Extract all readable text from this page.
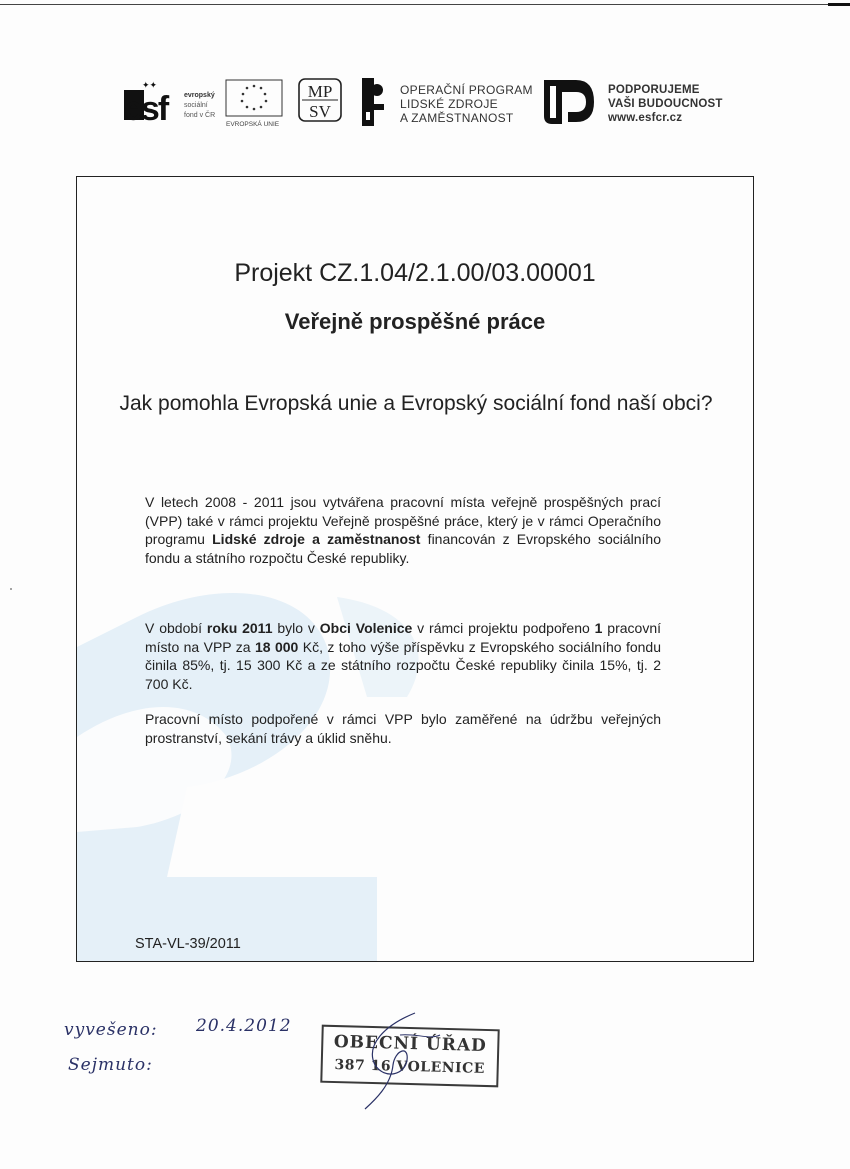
✦✦
esf	evropský
sociální
fond v ČR
EVROPSKÁ UNIE
MP
SV
OPERAČNÍ PROGRAM
LIDSKÉ ZDROJE
A ZAMĚSTNANOST
PODPORUJEME
VAŠI BUDOUCNOST
www.esfcr.cz
Projekt CZ.1.04/2.1.00/03.00001
Veřejně prospěšné práce
Jak pomohla Evropská unie a Evropský sociální fond naší obci?
V letech 2008 - 2011 jsou vytvářena pracovní místa veřejně prospěšných prací (VPP) také v rámci projektu Veřejně prospěšné práce, který je v rámci Operačního programu Lidské zdroje a zaměstnanost financován z Evropského sociálního fondu a státního rozpočtu České republiky.
V období roku 2011 bylo v Obci Volenice v rámci projektu podpořeno 1 pracovní místo na VPP za 18 000 Kč, z toho výše příspěvku z Evropského sociálního fondu činila 85%, tj. 15 300 Kč a ze státního rozpočtu České republiky činila 15%, tj. 2 700 Kč.
Pracovní místo podpořené v rámci VPP bylo zaměřené na údržbu veřejných prostranství, sekání trávy a úklid sněhu.
STA-VL-39/2011
vyvešeno: 20.4.2012
Sejmuto:
OBECNÍ ÚŘAD
387 16 VOLENICE
